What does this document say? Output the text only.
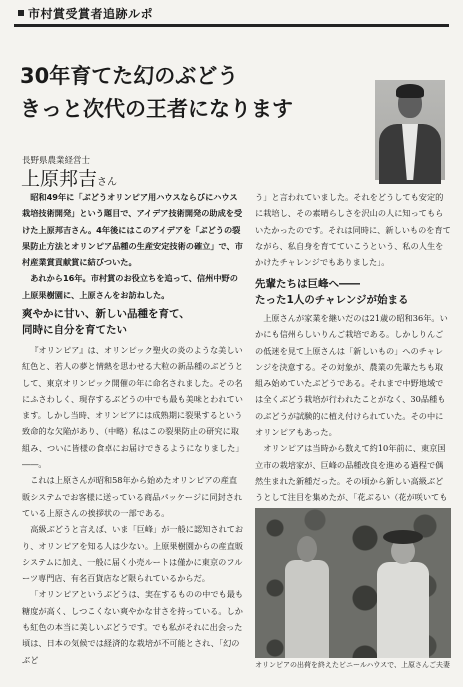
市村賞受賞者追跡ルポ
30年育てた幻のぶどう
きっと次代の王者になります
長野県農業経営士
上原邦吉さん

昭和49年に「ぶどうオリンピア用ハウスならびにハウス栽培技術開発」という題目で、アイデア技術開発の助成を受けた上原邦吉さん。4年後にはこのアイデアを「ぶどうの裂果防止方法とオリンピア品種の生産安定技術の確立」で、市村産業賞貢献賞に結びついた。

あれから16年。市村賞のお役立ちを追って、信州中野の上原果樹園に、上原さんをお訪ねした。

爽やかに甘い、新しい品種を育て、
同時に自分を育てたい

『オリンピア』は、オリンピック聖火の炎のような美しい紅色と、若人の夢と情熱を思わせる大粒の新品種のぶどうとして、東京オリンピック開催の年に命名されました。その名にふさわしく、現存するぶどうの中でも最も美味とわれています。しかし当時、オリンピアには成熟期に裂果するという致命的な欠陥があり、（中略）私はこの裂果防止の研究に取組み、ついに皆様の食卓にお届けできるようになりました」――。

これは上原さんが昭和58年から始めたオリンピアの産直販システムでお客様に送っている商品パッケージに同封されている上原さんの挨拶状の一部である。

高級ぶどうと言えば、いま「巨峰」が一般に認知されており、オリンピアを知る人は少ない。上原果樹園からの産直販システムに加え、一般に届く小売ルートは僅かに東京のフルーツ専門店、有名百貨店など限られているからだ。

「オリンピアというぶどうは、実在するものの中でも最も糖度が高く、しつこくない爽やかな甘さを持っている。しかも紅色の本当に美しいぶどうです。でも私がそれに出会った頃は、日本の気候では経済的な栽培が不可能とされ、「幻のぶど

う」と言われていました。それをどうしても安定的に栽培し、その素晴らしさを沢山の人に知ってもらいたかったのです。それは同時に、新しいものを育てながら、私自身を育てていこうという、私の人生をかけたチャレンジでもありました」。

先輩たちは巨峰へ――
たった1人のチャレンジが始まる

上原さんが家業を継いだのは21歳の昭和36年。いかにも信州らしいりんご栽培である。しかしりんごの低迷を見て上原さんは「新しいもの」へのチャレンジを決意する。その対象が、農業の先輩たちも取組み始めていたぶどうである。それまで中野地域では全くぶどう栽培が行われたことがなく、30品種ものぶどうが試験的に植え付けられていた。その中にオリンピアもあった。

オリンピアは当時から数えて約10年前に、東京国立市の栽培家が、巨峰の品種改良を進める過程で偶然生まれた新種だった。その頃から新しい高級ぶどうとして注目を集めたが、「花ぶるい（花が咲いても

オリンピアの出荷を終えたビニールハウスで、上原さんご夫妻
